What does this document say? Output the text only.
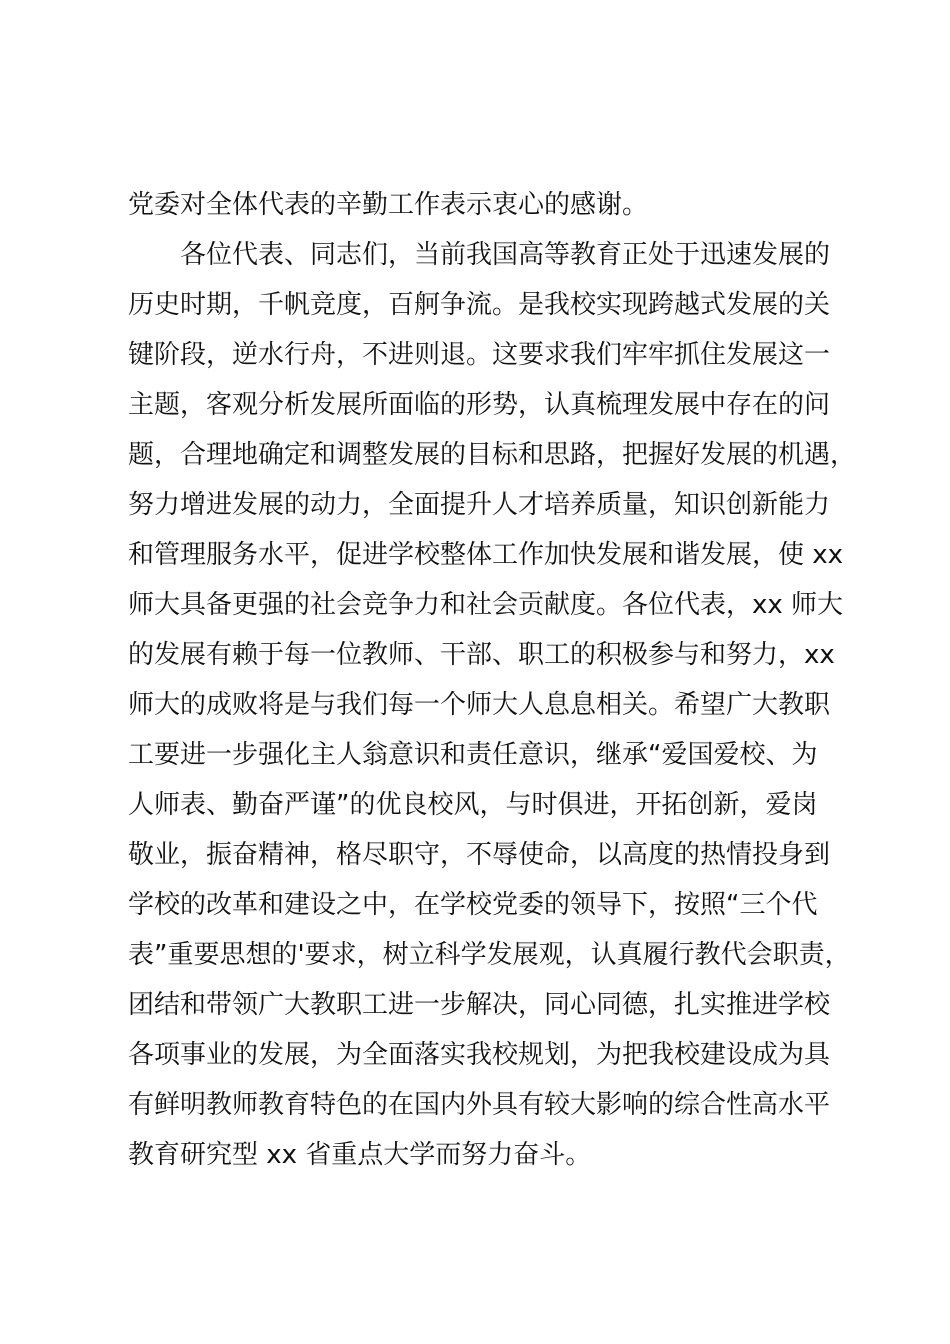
党委对全体代表的辛勤工作表示衷心的感谢。
　　各位代表、同志们，当前我国高等教育正处于迅速发展的
历史时期，千帆竞度，百舸争流。是我校实现跨越式发展的关
键阶段，逆水行舟，不进则退。这要求我们牢牢抓住发展这一
主题，客观分析发展所面临的形势，认真梳理发展中存在的问
题，合理地确定和调整发展的目标和思路，把握好发展的机遇，
努力增进发展的动力，全面提升人才培养质量，知识创新能力
和管理服务水平，促进学校整体工作加快发展和谐发展，使 xx
师大具备更强的社会竞争力和社会贡献度。各位代表，xx 师大
的发展有赖于每一位教师、干部、职工的积极参与和努力，xx
师大的成败将是与我们每一个师大人息息相关。希望广大教职
工要进一步强化主人翁意识和责任意识，继承“爱国爱校、为
人师表、勤奋严谨”的优良校风，与时俱进，开拓创新，爱岗
敬业，振奋精神，格尽职守，不辱使命，以高度的热情投身到
学校的改革和建设之中，在学校党委的领导下，按照“三个代
表”重要思想的'要求，树立科学发展观，认真履行教代会职责，
团结和带领广大教职工进一步解决，同心同德，扎实推进学校
各项事业的发展，为全面落实我校规划，为把我校建设成为具
有鲜明教师教育特色的在国内外具有较大影响的综合性高水平
教育研究型 xx 省重点大学而努力奋斗。
